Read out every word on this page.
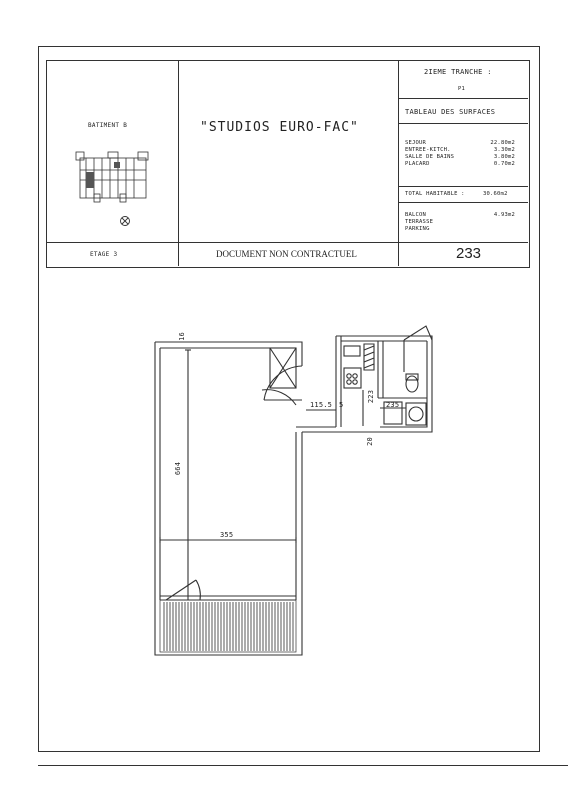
BATIMENT B	"STUDIOS EURO-FAC"
2IEME TRANCHE :
P1
TABLEAU DES SURFACES
SEJOUR	22.80m2
ENTREE-KITCH.	3.30m2
SALLE DE BAINS	3.80m2
PLACARD	0.70m2
TOTAL HABITABLE :	30.60m2
BALCON	4.93m2
TERRASSE
PARKING
ETAGE 3	DOCUMENT NON CONTRACTUEL	233
16
664
355
115.5
223
235
20
5
